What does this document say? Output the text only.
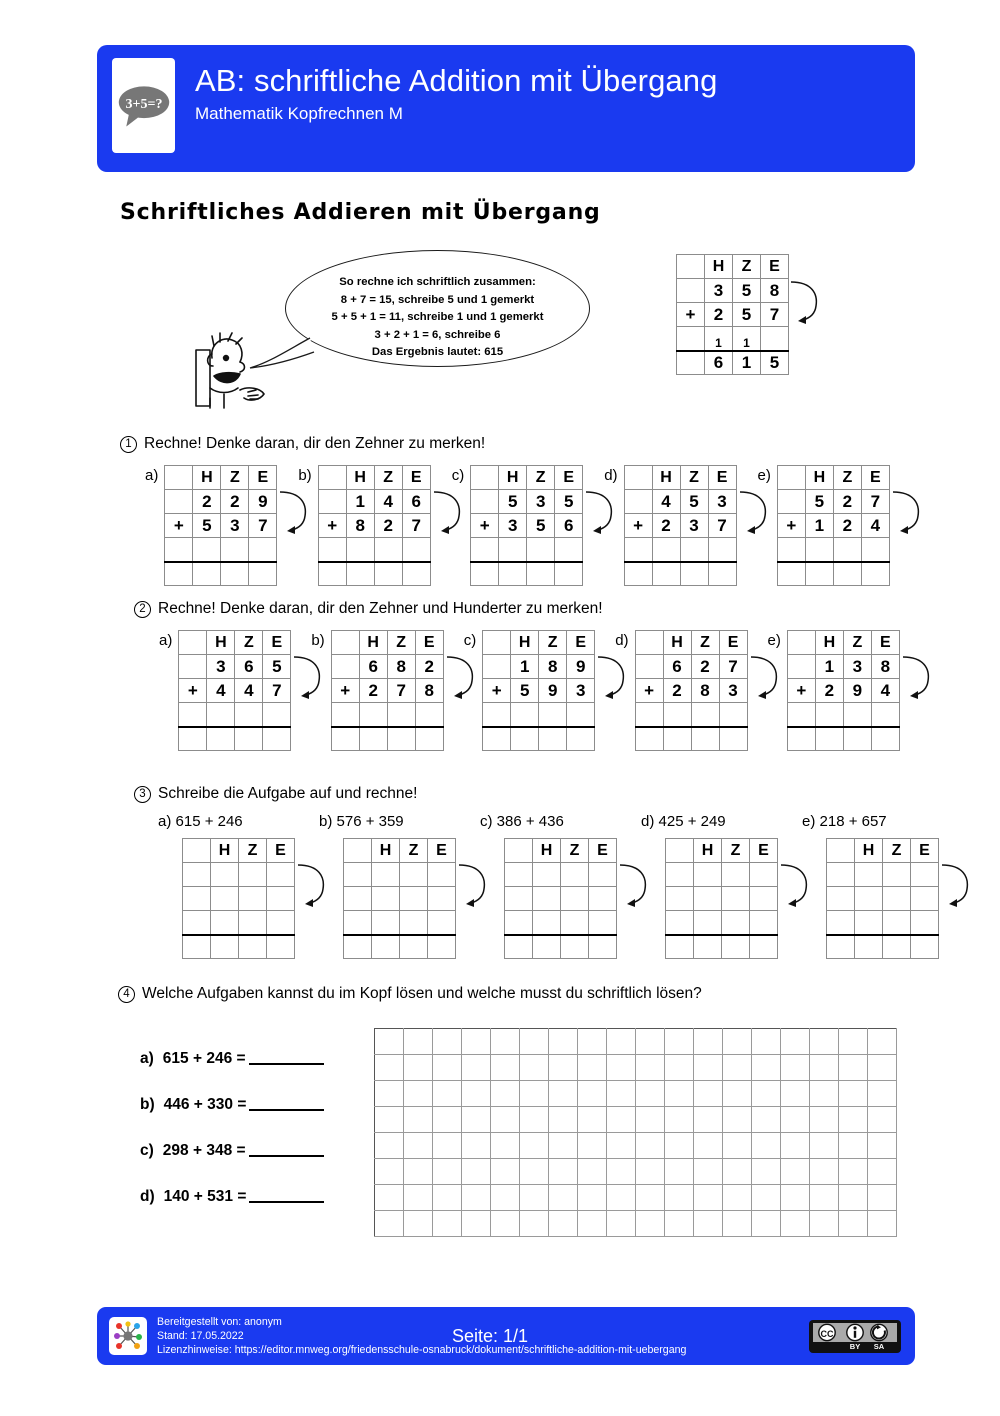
3+5=?
AB: schriftliche Addition mit Übergang
Mathematik Kopfrechnen M
Schriftliches Addieren mit Übergang
So rechne ich schriftlich zusammen:
8 + 7 = 15, schreibe 5 und 1 gemerkt
5 + 5 + 1 = 11, schreibe 1 und 1 gemerkt
3 + 2 + 1 = 6, schreibe 6
Das Ergebnis lautet: 615
	H	Z	E
	3	5	8
+	2	5	7
	1	1	
	6	1	5
1 Rechne! Denke daran, dir den Zehner zu merken!
a)
		H	Z	E
	2	2	9
+	5	3	7

b)
		H	Z	E
	1	4	6
+	8	2	7

c)
		H	Z	E
	5	3	5
+	3	5	6

d)
		H	Z	E
	4	5	3
+	2	3	7

e)
		H	Z	E
	5	2	7
+	1	2	4

2 Rechne! Denke daran, dir den Zehner und Hunderter zu merken!
a)
		H	Z	E
	3	6	5
+	4	4	7

b)
		H	Z	E
	6	8	2
+	2	7	8

c)
		H	Z	E
	1	8	9
+	5	9	3

d)
		H	Z	E
	6	2	7
+	2	8	3

e)
		H	Z	E
	1	3	8
+	2	9	4

3 Schreibe die Aufgabe auf und rechne!
a) 615 + 246
	H	Z	E

b) 576 + 359
	H	Z	E

c) 386 + 436
	H	Z	E

d) 425 + 249
	H	Z	E

e) 218 + 657
	H	Z	E

4 Welche Aufgaben kannst du im Kopf lösen und welche musst du schriftlich lösen?
a) 615 + 246 =
b) 446 + 330 =
c) 298 + 348 =
d) 140 + 531 =

Bereitgestellt von: anonym
Stand: 17.05.2022
Lizenzhinweise: https://editor.mnweg.org/friedensschule-osnabruck/dokument/schriftliche-addition-mit-uebergang
Seite: 1/1	CC
BY SA
